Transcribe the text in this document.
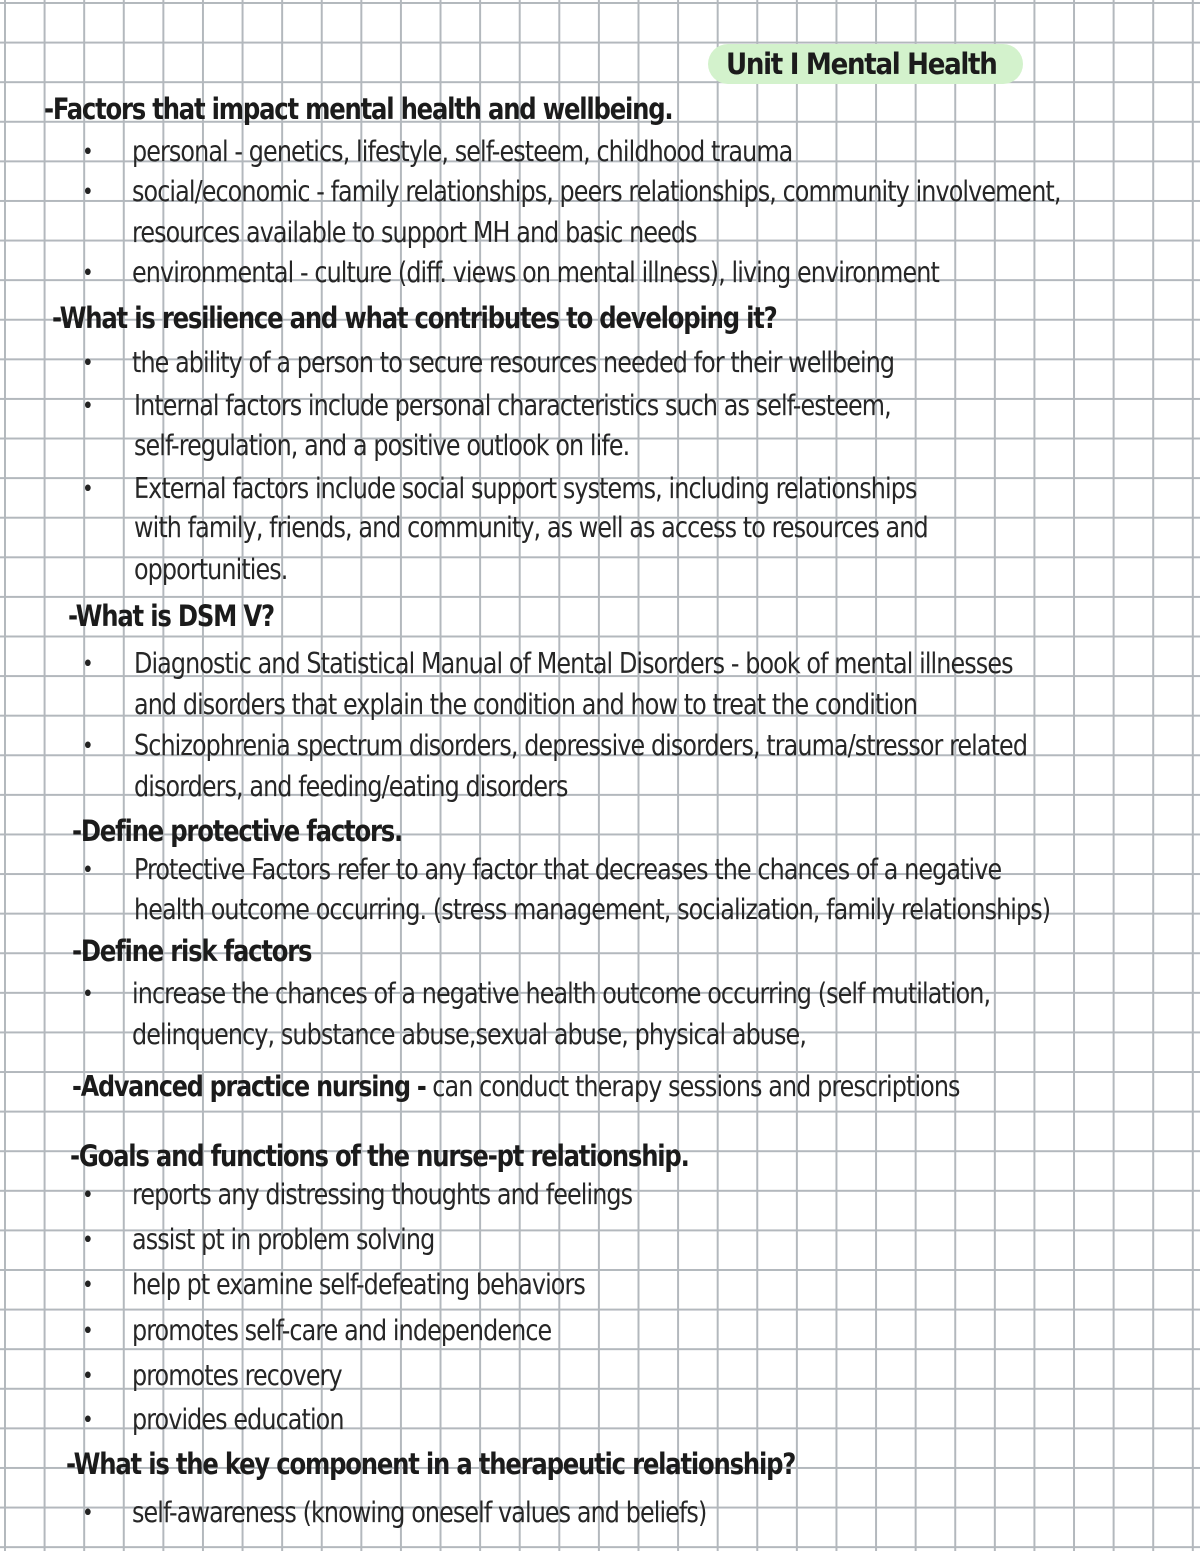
Unit I Mental Health
-Factors that impact mental health and wellbeing.
• personal - genetics, lifestyle, self-esteem, childhood trauma
• social/economic - family relationships, peers relationships, community involvement,
resources available to support MH and basic needs
• environmental - culture (diff. views on mental illness), living environment
-What is resilience and what contributes to developing it?
• the ability of a person to secure resources needed for their wellbeing
• Internal factors include personal characteristics such as self-esteem,
self-regulation, and a positive outlook on life.
• External factors include social support systems, including relationships
with family, friends, and community, as well as access to resources and
opportunities.
-What is DSM V?
• Diagnostic and Statistical Manual of Mental Disorders - book of mental illnesses
and disorders that explain the condition and how to treat the condition
• Schizophrenia spectrum disorders, depressive disorders, trauma/stressor related
disorders, and feeding/eating disorders
-Define protective factors.
• Protective Factors refer to any factor that decreases the chances of a negative
health outcome occurring. (stress management, socialization, family relationships)
-Define risk factors
• increase the chances of a negative health outcome occurring (self mutilation,
delinquency, substance abuse,sexual abuse, physical abuse,
-Advanced practice nursing - can conduct therapy sessions and prescriptions
-Goals and functions of the nurse-pt relationship.
• reports any distressing thoughts and feelings
• assist pt in problem solving
• help pt examine self-defeating behaviors
• promotes self-care and independence
• promotes recovery
• provides education
-What is the key component in a therapeutic relationship?
• self-awareness (knowing oneself values and beliefs)
